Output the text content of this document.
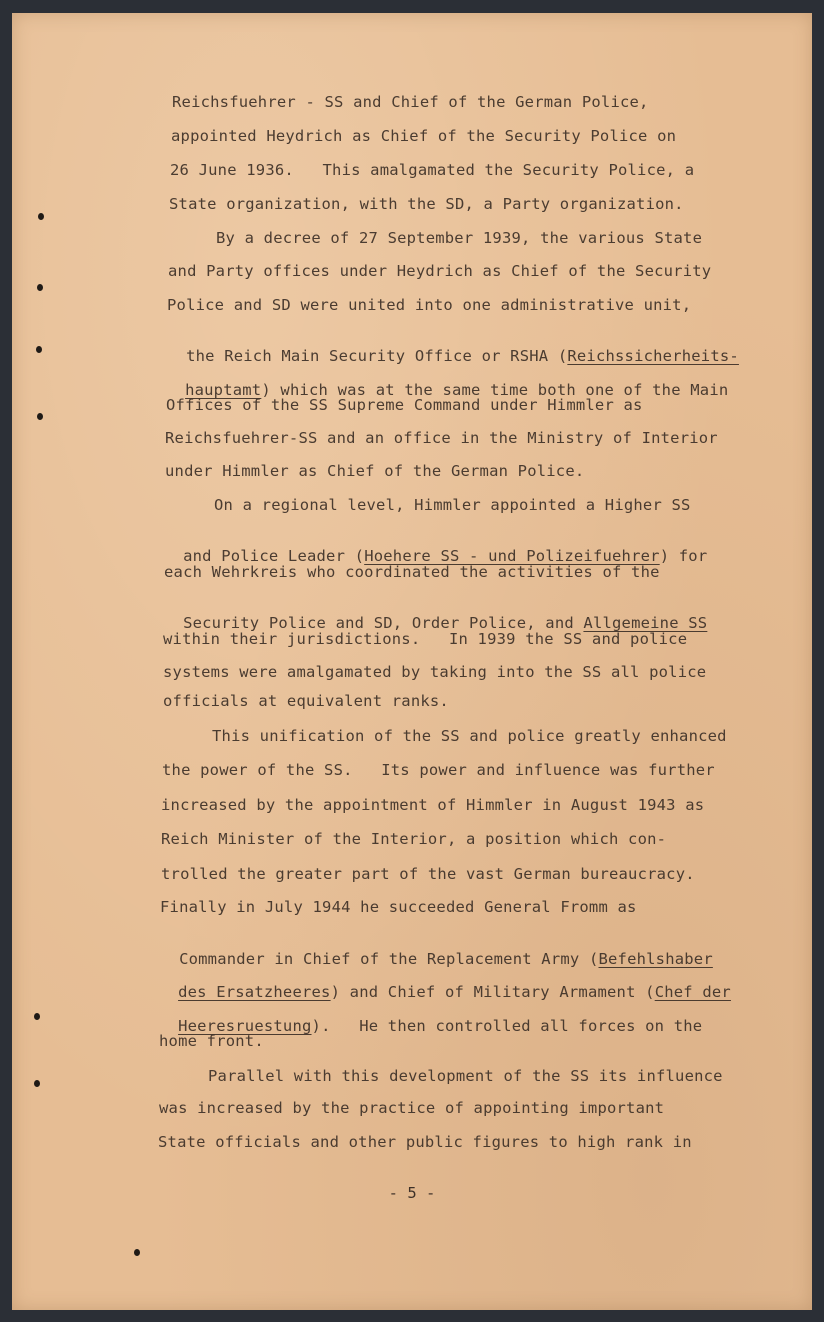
Reichsfuehrer - SS and Chief of the German Police,
appointed Heydrich as Chief of the Security Police on
26 June 1936.   This amalgamated the Security Police, a
State organization, with the SD, a Party organization.
By a decree of 27 September 1939, the various State
and Party offices under Heydrich as Chief of the Security
Police and SD were united into one administrative unit,

the Reich Main Security Office or RSHA (Reichssicherheits-

hauptamt) which was at the same time both one of the Main

Offices of the SS Supreme Command under Himmler as
Reichsfuehrer-SS and an office in the Ministry of Interior
under Himmler as Chief of the German Police.
On a regional level, Himmler appointed a Higher SS

and Police Leader (Hoehere SS - und Polizeifuehrer) for

each Wehrkreis who coordinated the activities of the

Security Police and SD, Order Police, and Allgemeine SS

within their jurisdictions.   In 1939 the SS and police
systems were amalgamated by taking into the SS all police
officials at equivalent ranks.
This unification of the SS and police greatly enhanced
the power of the SS.   Its power and influence was further
increased by the appointment of Himmler in August 1943 as
Reich Minister of the Interior, a position which con-
trolled the greater part of the vast German bureaucracy.
Finally in July 1944 he succeeded General Fromm as

Commander in Chief of the Replacement Army (Befehlshaber

des Ersatzheeres) and Chief of Military Armament (Chef der

Heeresruestung).   He then controlled all forces on the

home front.
Parallel with this development of the SS its influence
was increased by the practice of appointing important
State officials and other public figures to high rank in
- 5 -
